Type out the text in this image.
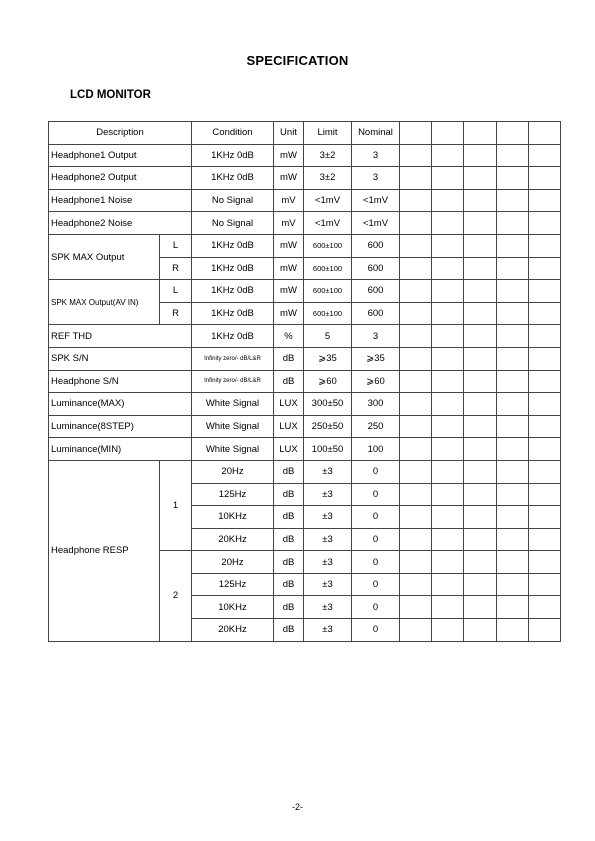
SPECIFICATION
LCD MONITOR
Description		Condition	Unit	Limit	Nominal					
Headphone1 Output		1KHz 0dB	mW	3±2	3					
Headphone2 Output		1KHz 0dB	mW	3±2	3					
Headphone1 Noise		No Signal	mV	<1mV	<1mV					
Headphone2 Noise		No Signal	mV	<1mV	<1mV					
SPK MAX Output	L	1KHz 0dB	mW	600±100	600					
	R	1KHz 0dB	mW	600±100	600					
SPK MAX Output(AV IN)	L	1KHz 0dB	mW	600±100	600					
	R	1KHz 0dB	mW	600±100	600					
REF THD		1KHz 0dB	%	5	3					
SPK S/N		Infinity zero/- dB/L&R	dB	⩾35	⩾35					
Headphone S/N		Infinity zero/- dB/L&R	dB	⩾60	⩾60					
Luminance(MAX)		White Signal	LUX	300±50	300					
Luminance(8STEP)		White Signal	LUX	250±50	250					
Luminance(MIN)		White Signal	LUX	100±50	100					
Headphone RESP	1	20Hz	dB	±3	0					
		125Hz	dB	±3	0					
		10KHz	dB	±3	0					
		20KHz	dB	±3	0					
	2	20Hz	dB	±3	0					
		125Hz	dB	±3	0					
		10KHz	dB	±3	0					
		20KHz	dB	±3	0					
-2-
